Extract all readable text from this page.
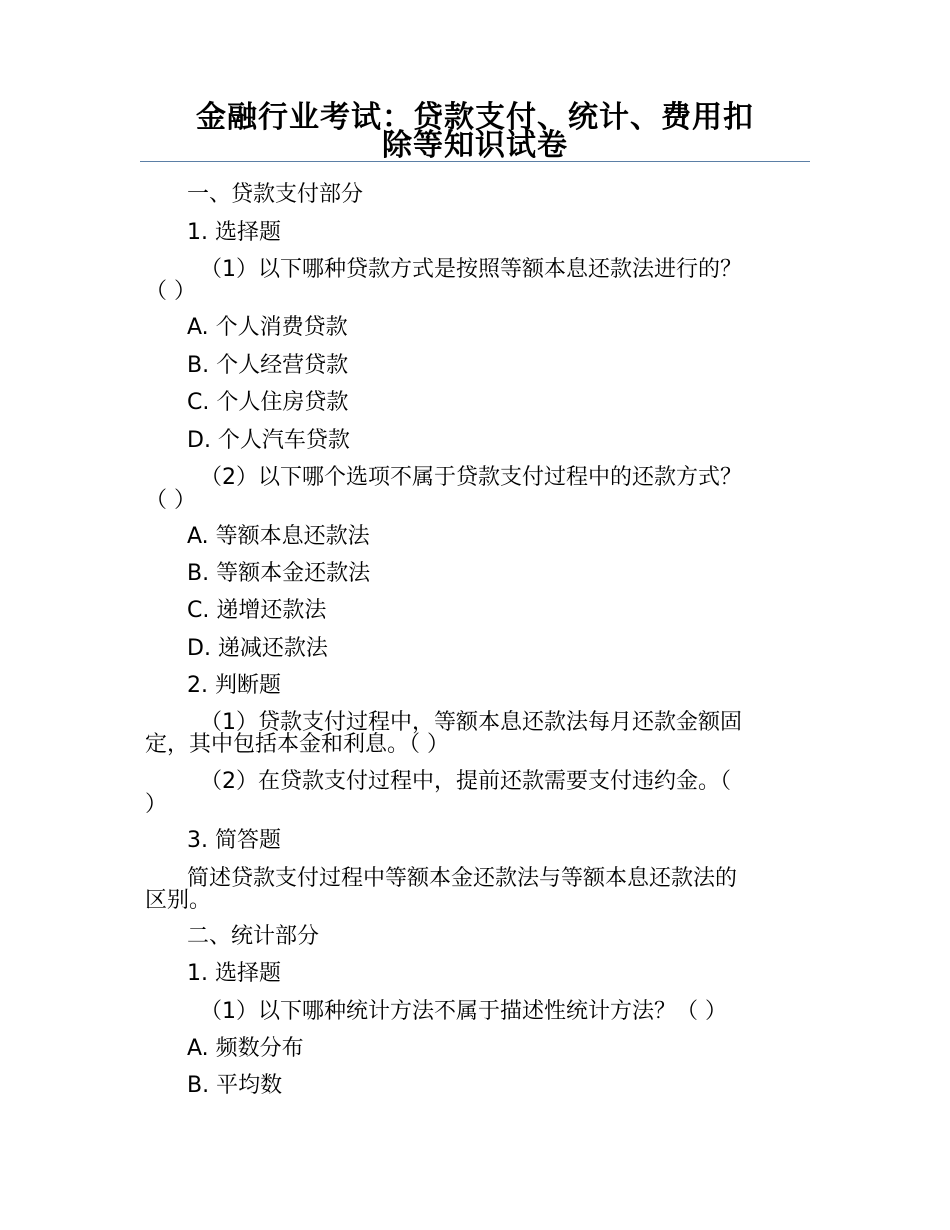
金融行业考试：贷款支付、统计、费用扣
除等知识试卷
一、贷款支付部分
1. 选择题
（1）以下哪种贷款方式是按照等额本息还款法进行的？
（ ）
A. 个人消费贷款
B. 个人经营贷款
C. 个人住房贷款
D. 个人汽车贷款
（2）以下哪个选项不属于贷款支付过程中的还款方式？
（ ）
A. 等额本息还款法
B. 等额本金还款法
C. 递增还款法
D. 递减还款法
2. 判断题
（1）贷款支付过程中，等额本息还款法每月还款金额固
定，其中包括本金和利息。（ ）
（2）在贷款支付过程中，提前还款需要支付违约金。（
）
3. 简答题
简述贷款支付过程中等额本金还款法与等额本息还款法的
区别。
二、统计部分
1. 选择题
（1）以下哪种统计方法不属于描述性统计方法？（ ）
A. 频数分布
B. 平均数
